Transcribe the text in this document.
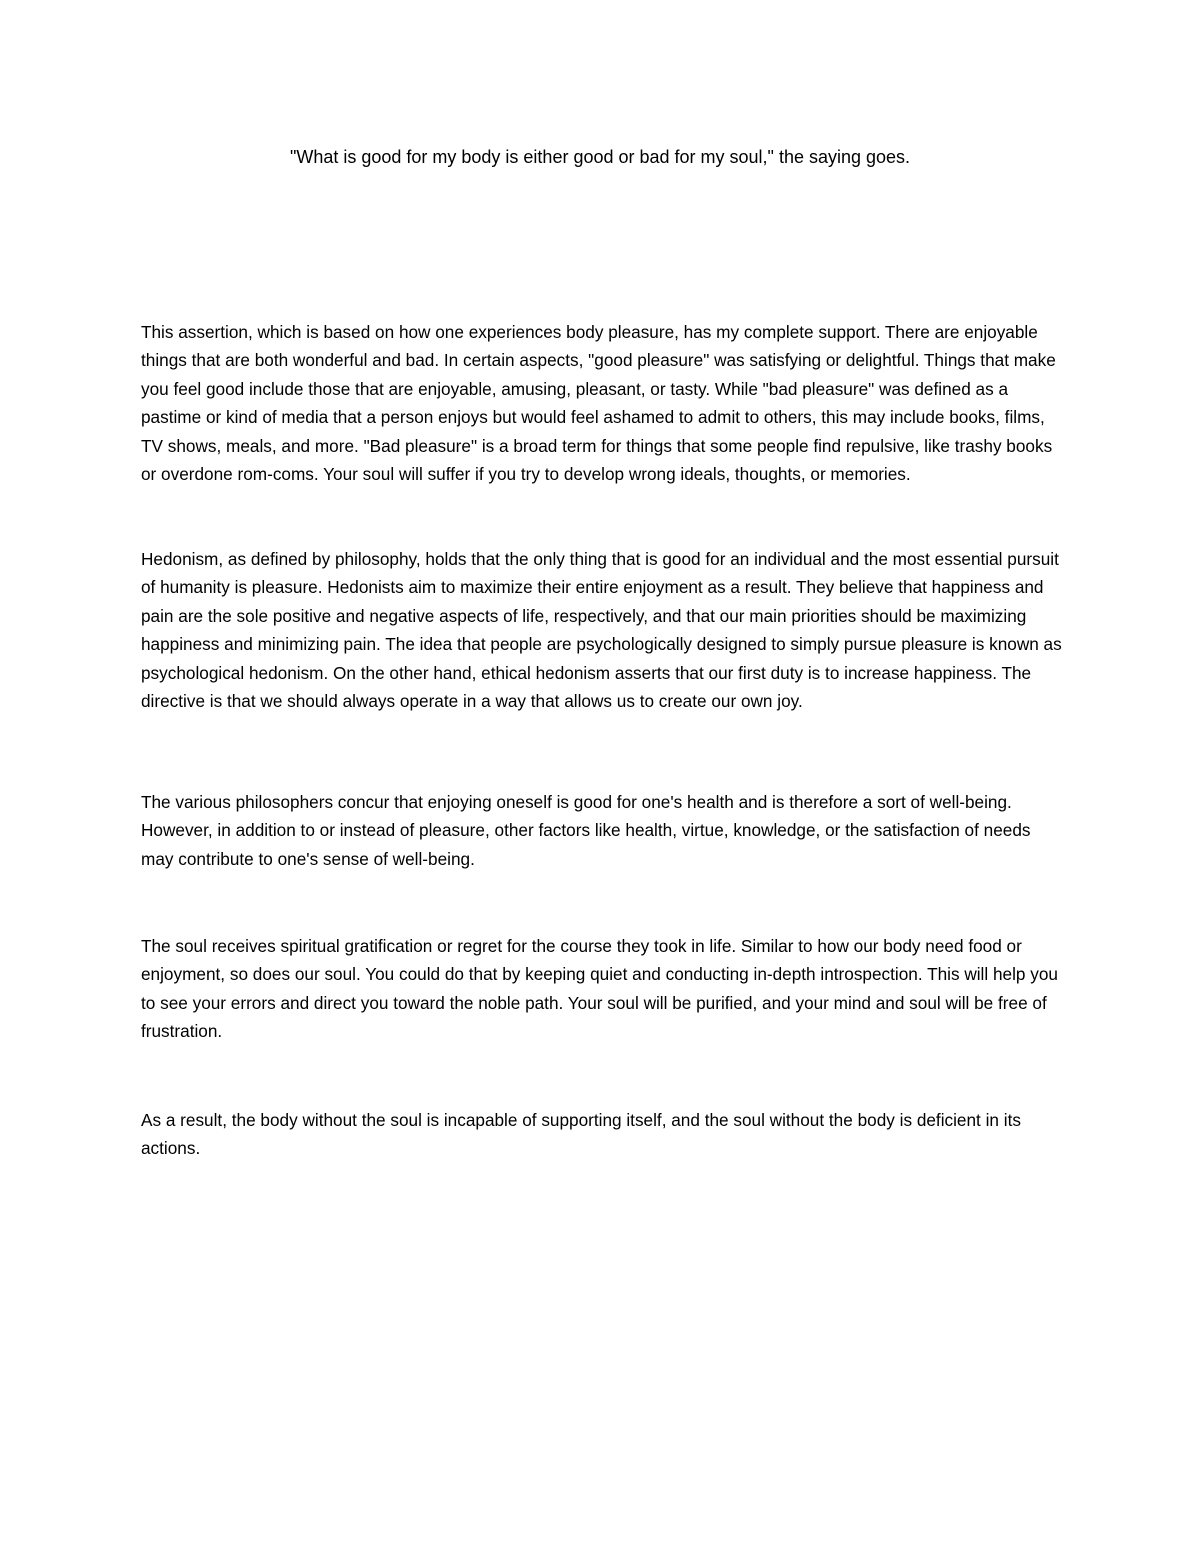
"What is good for my body is either good or bad for my soul," the saying goes.

This assertion, which is based on how one experiences body pleasure, has my complete support. There are enjoyable things that are both wonderful and bad. In certain aspects, "good pleasure" was satisfying or delightful. Things that make you feel good include those that are enjoyable, amusing, pleasant, or tasty. While "bad pleasure" was defined as a pastime or kind of media that a person enjoys but would feel ashamed to admit to others, this may include books, films, TV shows, meals, and more. "Bad pleasure" is a broad term for things that some people find repulsive, like trashy books or overdone rom-coms. Your soul will suffer if you try to develop wrong ideals, thoughts, or memories.

Hedonism, as defined by philosophy, holds that the only thing that is good for an individual and the most essential pursuit of humanity is pleasure. Hedonists aim to maximize their entire enjoyment as a result. They believe that happiness and pain are the sole positive and negative aspects of life, respectively, and that our main priorities should be maximizing happiness and minimizing pain. The idea that people are psychologically designed to simply pursue pleasure is known as psychological hedonism. On the other hand, ethical hedonism asserts that our first duty is to increase happiness. The directive is that we should always operate in a way that allows us to create our own joy.

The various philosophers concur that enjoying oneself is good for one's health and is therefore a sort of well-being. However, in addition to or instead of pleasure, other factors like health, virtue, knowledge, or the satisfaction of needs may contribute to one's sense of well-being.

The soul receives spiritual gratification or regret for the course they took in life. Similar to how our body need food or enjoyment, so does our soul. You could do that by keeping quiet and conducting in-depth introspection. This will help you to see your errors and direct you toward the noble path. Your soul will be purified, and your mind and soul will be free of frustration.

As a result, the body without the soul is incapable of supporting itself, and the soul without the body is deficient in its actions.
